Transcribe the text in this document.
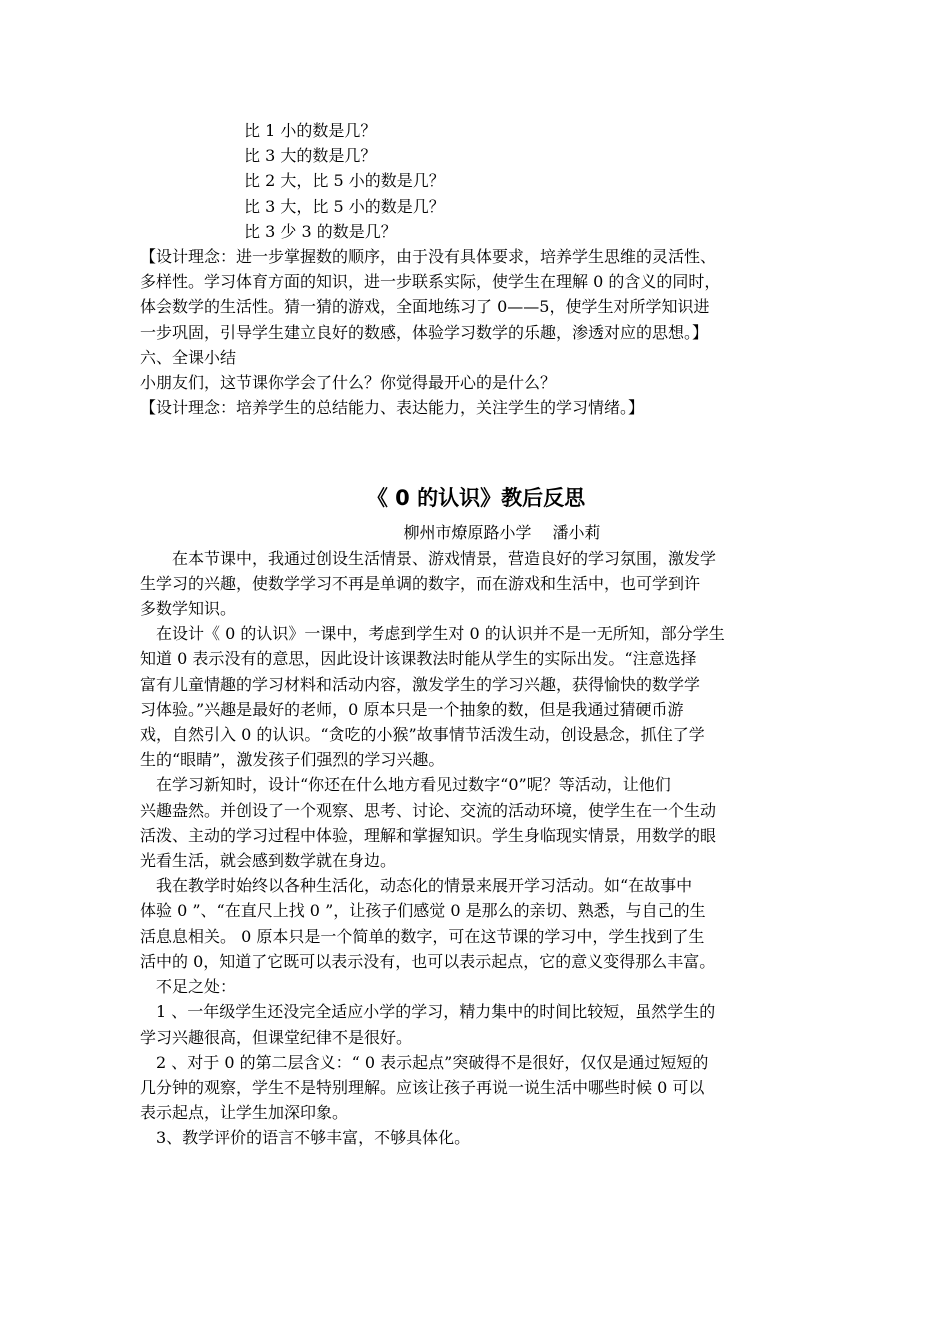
比 1 小的数是几？

比 3 大的数是几？

比 2 大，比 5 小的数是几？

比 3 大，比 5 小的数是几？

比 3 少 3 的数是几？

【设计理念：进一步掌握数的顺序，由于没有具体要求，培养学生思维的灵活性、

多样性。学习体育方面的知识，进一步联系实际，使学生在理解 0 的含义的同时，

体会数学的生活性。猜一猜的游戏，全面地练习了 0——5，使学生对所学知识进

一步巩固，引导学生建立良好的数感，体验学习数学的乐趣，渗透对应的思想。】

六、全课小结

小朋友们，这节课你学会了什么？你觉得最开心的是什么？

【设计理念：培养学生的总结能力、表达能力，关注学生的学习情绪。】

《 0 的认识》教后反思

柳州市燎原路小学　 潘小莉

　　在本节课中，我通过创设生活情景、游戏情景，营造良好的学习氛围，激发学

生学习的兴趣，使数学学习不再是单调的数字，而在游戏和生活中，也可学到许

多数学知识。

　在设计《 0 的认识》一课中，考虑到学生对 0 的认识并不是一无所知，部分学生

知道 0 表示没有的意思，因此设计该课教法时能从学生的实际出发。“注意选择

富有儿童情趣的学习材料和活动内容，激发学生的学习兴趣，获得愉快的数学学

习体验。”兴趣是最好的老师，0 原本只是一个抽象的数，但是我通过猜硬币游

戏，自然引入 0 的认识。“贪吃的小猴”故事情节活泼生动，创设悬念，抓住了学

生的“眼睛”，激发孩子们强烈的学习兴趣。

　在学习新知时，设计“你还在什么地方看见过数字“0”呢？等活动，让他们

兴趣盎然。并创设了一个观察、思考、讨论、交流的活动环境，使学生在一个生动

活泼、主动的学习过程中体验，理解和掌握知识。学生身临现实情景，用数学的眼

光看生活，就会感到数学就在身边。

　我在教学时始终以各种生活化，动态化的情景来展开学习活动。如“在故事中

体验 0 ”、“在直尺上找 0 ”，让孩子们感觉 0 是那么的亲切、熟悉，与自己的生

活息息相关。 0 原本只是一个简单的数字，可在这节课的学习中，学生找到了生

活中的 0，知道了它既可以表示没有，也可以表示起点，它的意义变得那么丰富。

　不足之处：

　1 、一年级学生还没完全适应小学的学习，精力集中的时间比较短，虽然学生的

学习兴趣很高，但课堂纪律不是很好。

　2 、对于 0 的第二层含义：“ 0 表示起点”突破得不是很好，仅仅是通过短短的

几分钟的观察，学生不是特别理解。应该让孩子再说一说生活中哪些时候 0 可以

表示起点，让学生加深印象。

　3、教学评价的语言不够丰富，不够具体化。
